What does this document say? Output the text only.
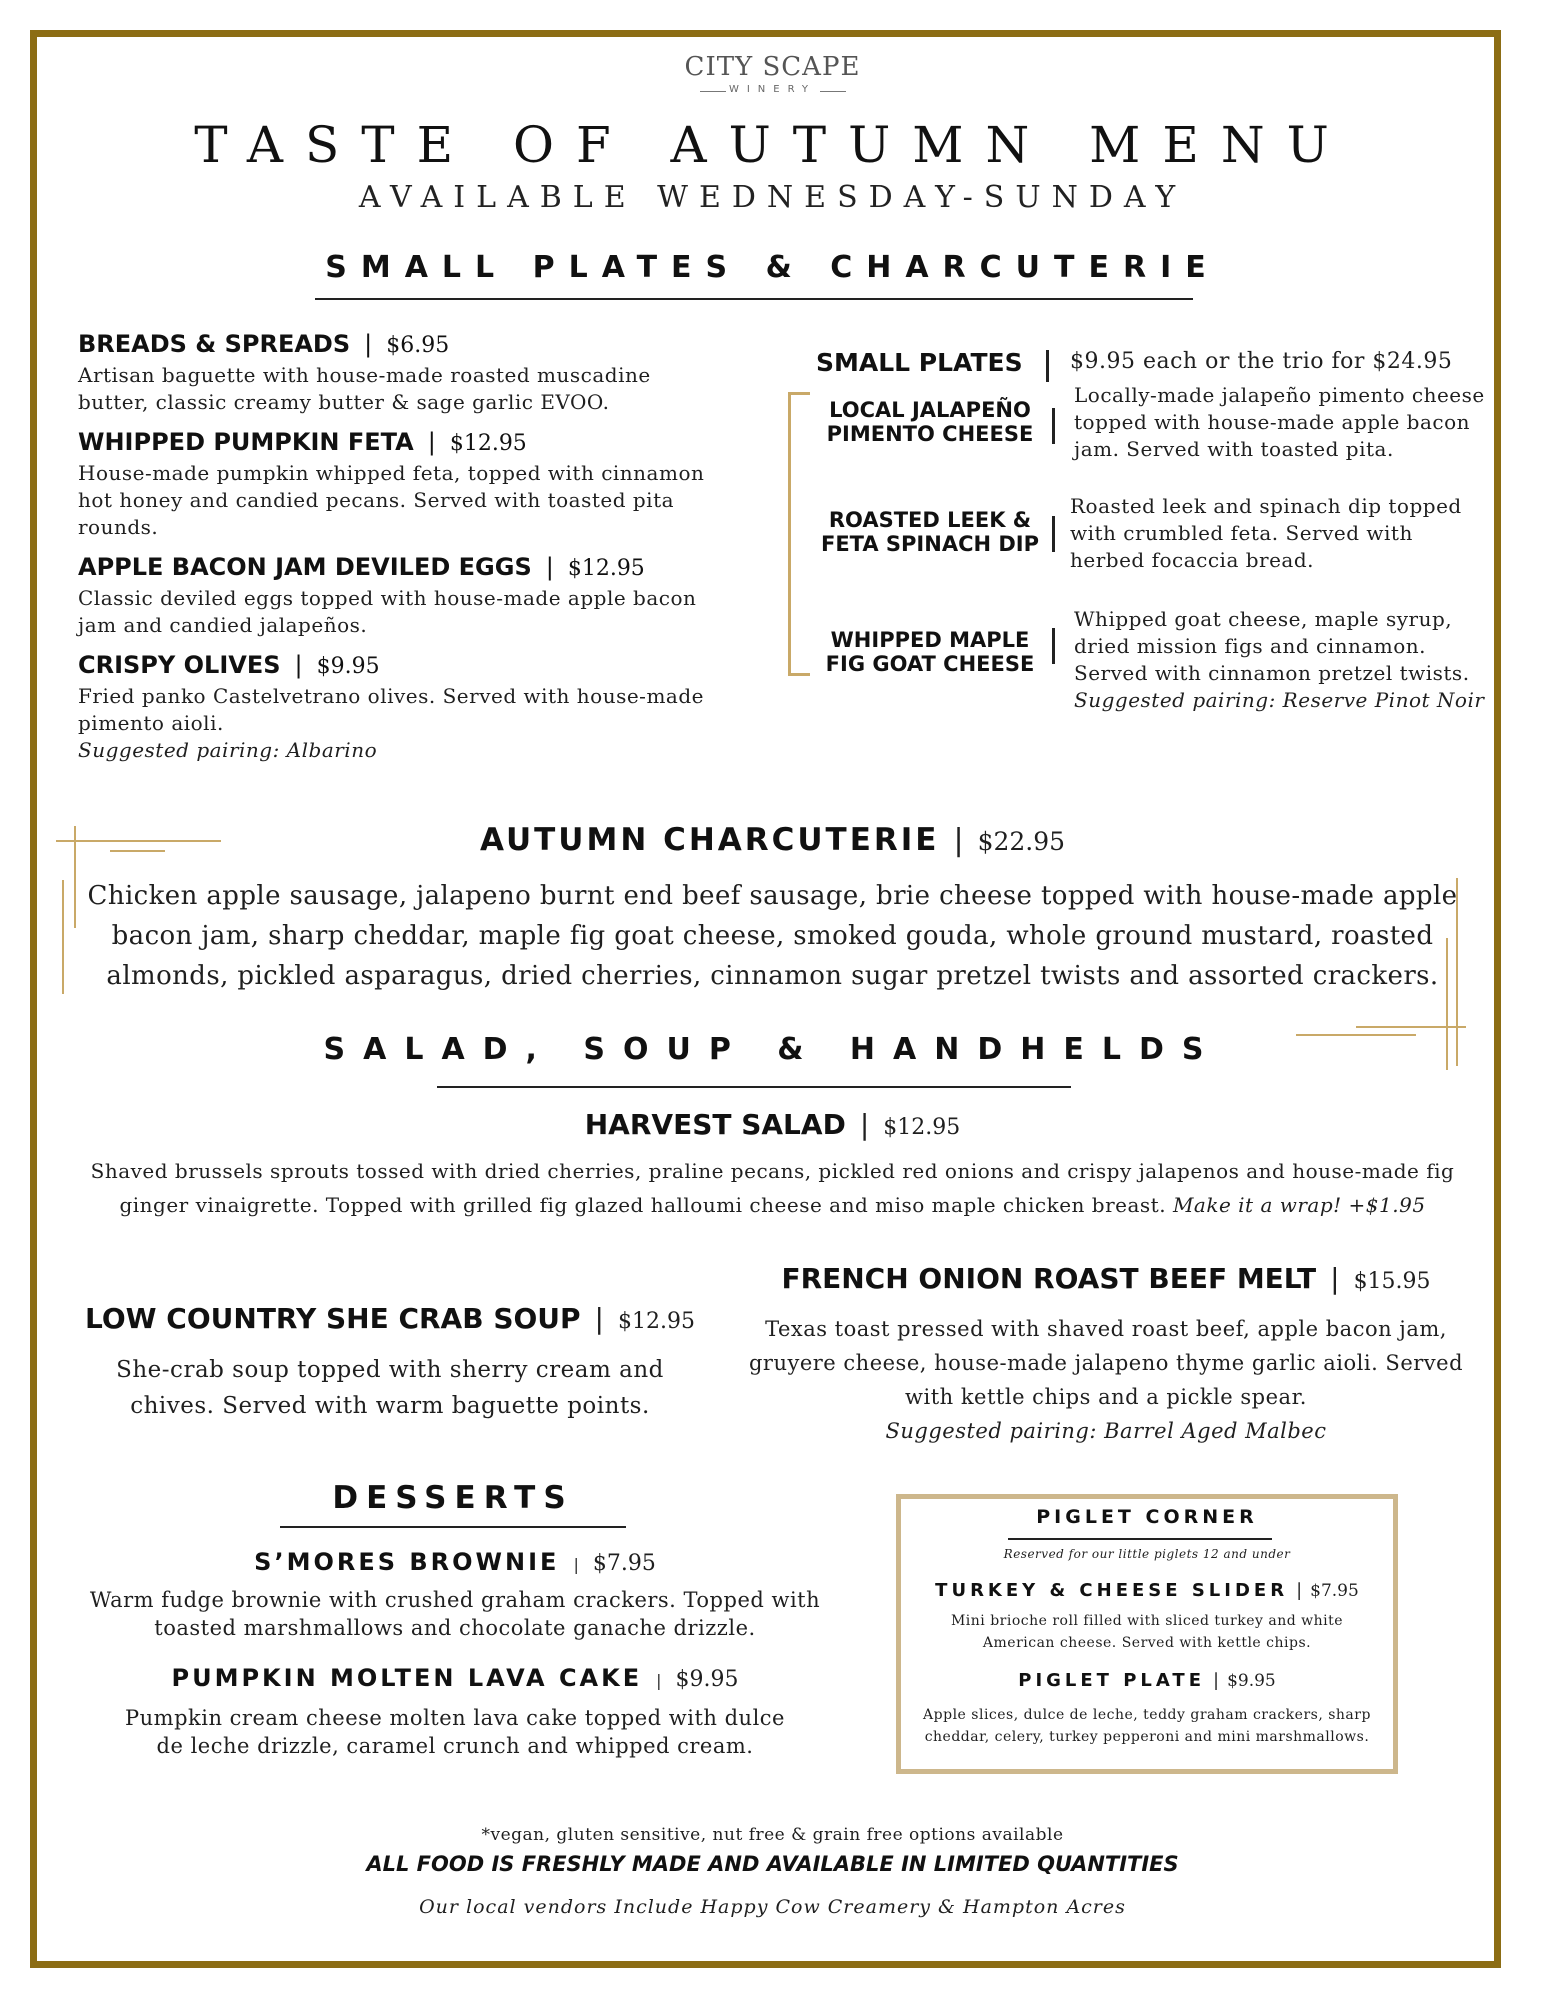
CITY SCAPE
WINERY
TASTE OF AUTUMN MENU
AVAILABLE WEDNESDAY-SUNDAY
SMALL PLATES & CHARCUTERIE
BREADS & SPREADS | $6.95
Artisan baguette with house-made roasted muscadine
butter, classic creamy butter & sage garlic EVOO.
WHIPPED PUMPKIN FETA | $12.95
House-made pumpkin whipped feta, topped with cinnamon
hot honey and candied pecans. Served with toasted pita
rounds.
APPLE BACON JAM DEVILED EGGS | $12.95
Classic deviled eggs topped with house-made apple bacon
jam and candied jalapeños.
CRISPY OLIVES | $9.95
Fried panko Castelvetrano olives. Served with house-made
pimento aioli.
Suggested pairing: Albarino
SMALL PLATES $9.95 each or the trio for $24.95
LOCAL JALAPEÑO
PIMENTO CHEESE
Locally-made jalapeño pimento cheese
topped with house-made apple bacon
jam. Served with toasted pita.
ROASTED LEEK &
FETA SPINACH DIP
Roasted leek and spinach dip topped
with crumbled feta. Served with
herbed focaccia bread.
WHIPPED MAPLE
FIG GOAT CHEESE
Whipped goat cheese, maple syrup,
dried mission figs and cinnamon.
Served with cinnamon pretzel twists.
Suggested pairing: Reserve Pinot Noir
AUTUMN CHARCUTERIE | $22.95
Chicken apple sausage, jalapeno burnt end beef sausage, brie cheese topped with house-made apple
bacon jam, sharp cheddar, maple fig goat cheese, smoked gouda, whole ground mustard, roasted
almonds, pickled asparagus, dried cherries, cinnamon sugar pretzel twists and assorted crackers.
SALAD, SOUP & HANDHELDS
HARVEST SALAD | $12.95
Shaved brussels sprouts tossed with dried cherries, praline pecans, pickled red onions and crispy jalapenos and house-made fig
ginger vinaigrette. Topped with grilled fig glazed halloumi cheese and miso maple chicken breast. Make it a wrap! +$1.95
LOW COUNTRY SHE CRAB SOUP | $12.95
She-crab soup topped with sherry cream and
chives. Served with warm baguette points.
FRENCH ONION ROAST BEEF MELT | $15.95
Texas toast pressed with shaved roast beef, apple bacon jam,
gruyere cheese, house-made jalapeno thyme garlic aioli. Served
with kettle chips and a pickle spear.
Suggested pairing: Barrel Aged Malbec
DESSERTS
S’MORES BROWNIE | $7.95
Warm fudge brownie with crushed graham crackers. Topped with
toasted marshmallows and chocolate ganache drizzle.
PUMPKIN MOLTEN LAVA CAKE | $9.95
Pumpkin cream cheese molten lava cake topped with dulce
de leche drizzle, caramel crunch and whipped cream.
PIGLET CORNER
Reserved for our little piglets 12 and under
TURKEY & CHEESE SLIDER | $7.95
Mini brioche roll filled with sliced turkey and white
American cheese. Served with kettle chips.
PIGLET PLATE | $9.95
Apple slices, dulce de leche, teddy graham crackers, sharp
cheddar, celery, turkey pepperoni and mini marshmallows.
*vegan, gluten sensitive, nut free & grain free options available
ALL FOOD IS FRESHLY MADE AND AVAILABLE IN LIMITED QUANTITIES
Our local vendors Include Happy Cow Creamery & Hampton Acres
